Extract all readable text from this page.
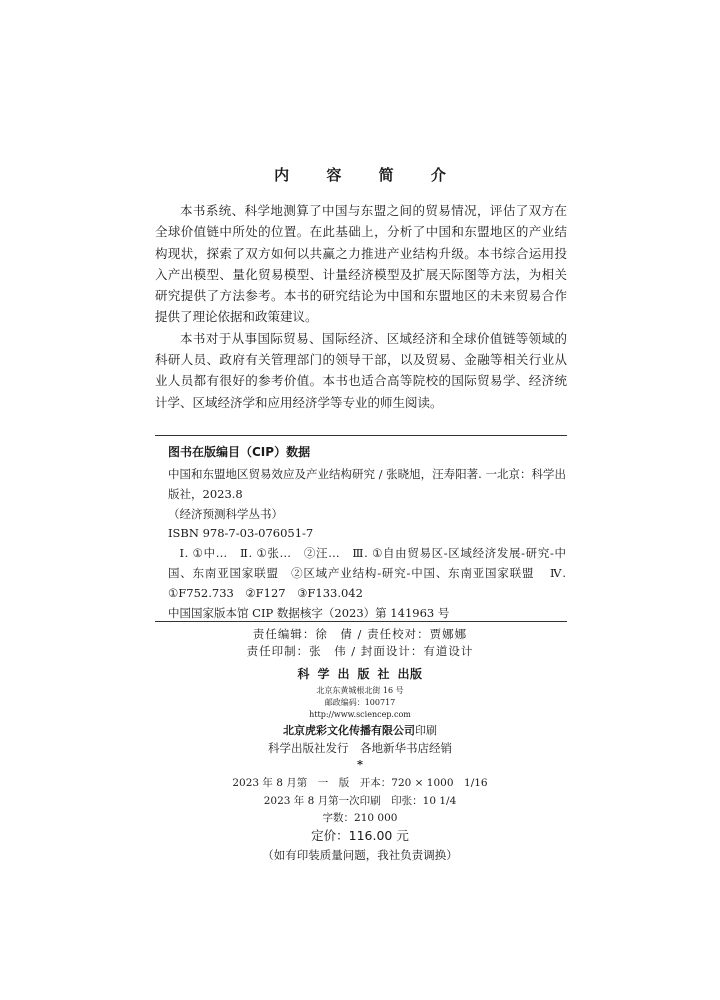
内 容 简 介

本书系统、科学地测算了中国与东盟之间的贸易情况，评估了双方在全球价值链中所处的位置。在此基础上，分析了中国和东盟地区的产业结构现状，探索了双方如何以共赢之力推进产业结构升级。本书综合运用投入产出模型、量化贸易模型、计量经济模型及扩展天际图等方法，为相关研究提供了方法参考。本书的研究结论为中国和东盟地区的未来贸易合作提供了理论依据和政策建议。

本书对于从事国际贸易、国际经济、区域经济和全球价值链等领域的科研人员、政府有关管理部门的领导干部，以及贸易、金融等相关行业从业人员都有很好的参考价值。本书也适合高等院校的国际贸易学、经济统计学、区域经济学和应用经济学等专业的师生阅读。

图书在版编目（CIP）数据
中国和东盟地区贸易效应及产业结构研究 / 张晓旭，汪寿阳著. 一北京：科学出版社，2023.8
（经济预测科学丛书）
ISBN 978-7-03-076051-7
Ⅰ. ①中…　Ⅱ. ①张…　②汪…　Ⅲ. ①自由贸易区-区域经济发展-研究-中国、东南亚国家联盟　②区域产业结构-研究-中国、东南亚国家联盟 Ⅳ. ①F752.733　②F127　③F133.042
中国国家版本馆 CIP 数据核字（2023）第 141963 号
责任编辑：徐　倩 / 责任校对：贾娜娜
责任印制：张　伟 / 封面设计：有道设计
科学出版社出版
北京东黄城根北街 16 号
邮政编码：100717
http://www.sciencep.com
北京虎彩文化传播有限公司印刷
科学出版社发行　各地新华书店经销
*
2023 年 8 月第　一　版　开本：720 × 1000　1/16
2023 年 8 月第一次印刷　印张：10 1/4
字数：210 000
定价：116.00 元
（如有印装质量问题，我社负责调换）
